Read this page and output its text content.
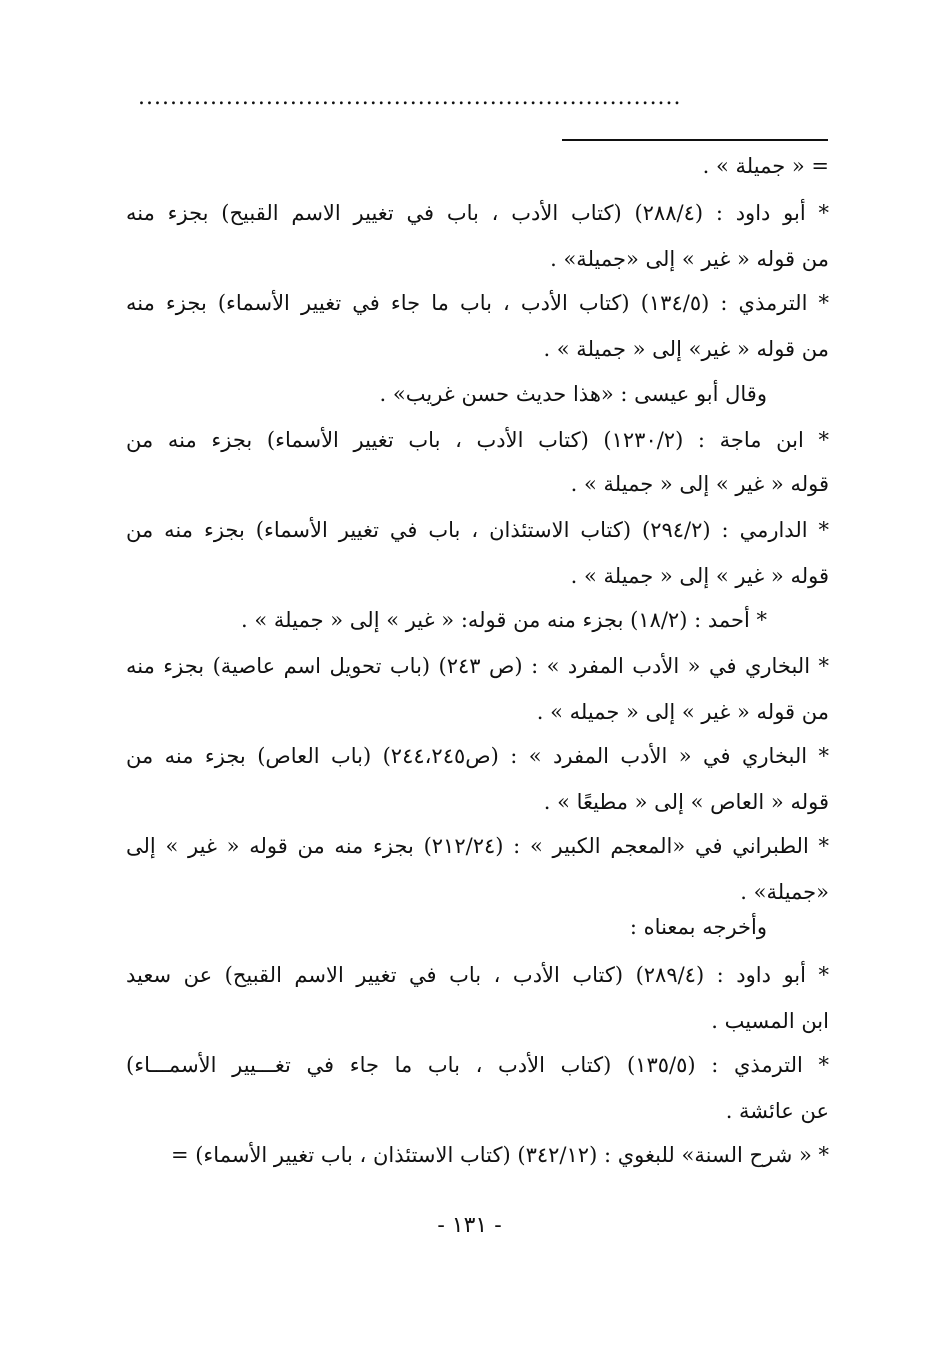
....................................................................
= « جميلة » .
* أبو داود : (٢٨٨/٤) (كتاب الأدب ، باب في تغيير الاسم القبيح) بجزء منه
من قوله « غير » إلى «جميلة» .
* الترمذي : (١٣٤/٥) (كتاب الأدب ، باب ما جاء في تغيير الأسماء) بجزء منه
من قوله « غير» إلى « جميلة » .
وقال أبو عيسى : «هذا حديث حسن غريب» .
* ابن ماجة : (١٢٣٠/٢) (كتاب الأدب ، باب تغيير الأسماء) بجزء منه من
قوله « غير » إلى « جميلة » .
* الدارمي : (٢٩٤/٢) (كتاب الاستئذان ، باب في تغيير الأسماء) بجزء منه من
قوله « غير » إلى « جميلة » .
* أحمد : (١٨/٢) بجزء منه من قوله: « غير » إلى « جميلة » .
* البخاري في « الأدب المفرد » : (ص ٢٤٣) (باب تحويل اسم عاصية) بجزء منه
من قوله « غير » إلى « جميله » .
* البخاري في « الأدب المفرد » : (ص٢٤٤،٢٤٥) (باب العاص) بجزء منه من
قوله « العاص » إلى « مطيعًا » .
* الطبراني في «المعجم الكبير » : (٢١٢/٢٤) بجزء منه من قوله « غير » إلى
«جميلة» .
وأخرجه بمعناه :
* أبو داود : (٢٨٩/٤) (كتاب الأدب ، باب في تغيير الاسم القبيح) عن سعيد
ابن المسيب .
* الترمذي : (١٣٥/٥) (كتاب الأدب ، باب ما جاء في تغـــيير الأسمـــاء)
عن عائشة .
* « شرح السنة» للبغوي : (٣٤٢/١٢) (كتاب الاستئذان ، باب تغيير الأسماء) =
- ١٣١ -
